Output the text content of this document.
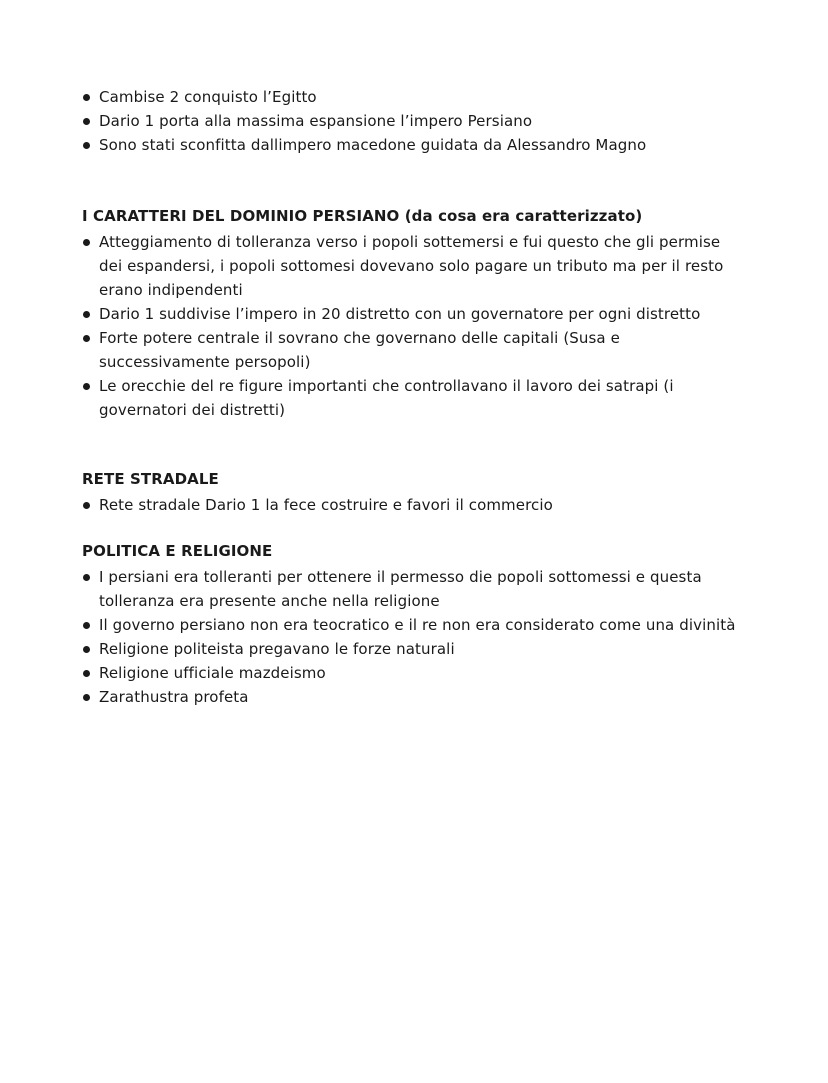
Cambise 2 conquisto l’Egitto
Dario 1 porta alla massima espansione l’impero Persiano
Sono stati sconfitta dallimpero macedone guidata da Alessandro Magno
I CARATTERI DEL DOMINIO PERSIANO (da cosa era caratterizzato)
Atteggiamento di tolleranza verso i popoli sottemersi e fui questo che gli permise dei espandersi, i popoli sottomesi dovevano solo pagare un tributo ma per il resto erano indipendenti
Dario 1 suddivise l’impero in 20 distretto con un governatore per ogni distretto
Forte potere centrale il sovrano che governano delle capitali (Susa e successivamente persopoli)
Le orecchie del re figure importanti che controllavano il lavoro dei satrapi (i governatori dei distretti)
RETE STRADALE
Rete stradale Dario 1 la fece costruire e favori il commercio
POLITICA E RELIGIONE
I persiani era tolleranti per ottenere il permesso die popoli sottomessi e questa tolleranza era presente anche nella religione
Il governo persiano non era teocratico e il re non era considerato come una divinità
Religione politeista pregavano le forze naturali
Religione ufficiale mazdeismo
Zarathustra profeta
